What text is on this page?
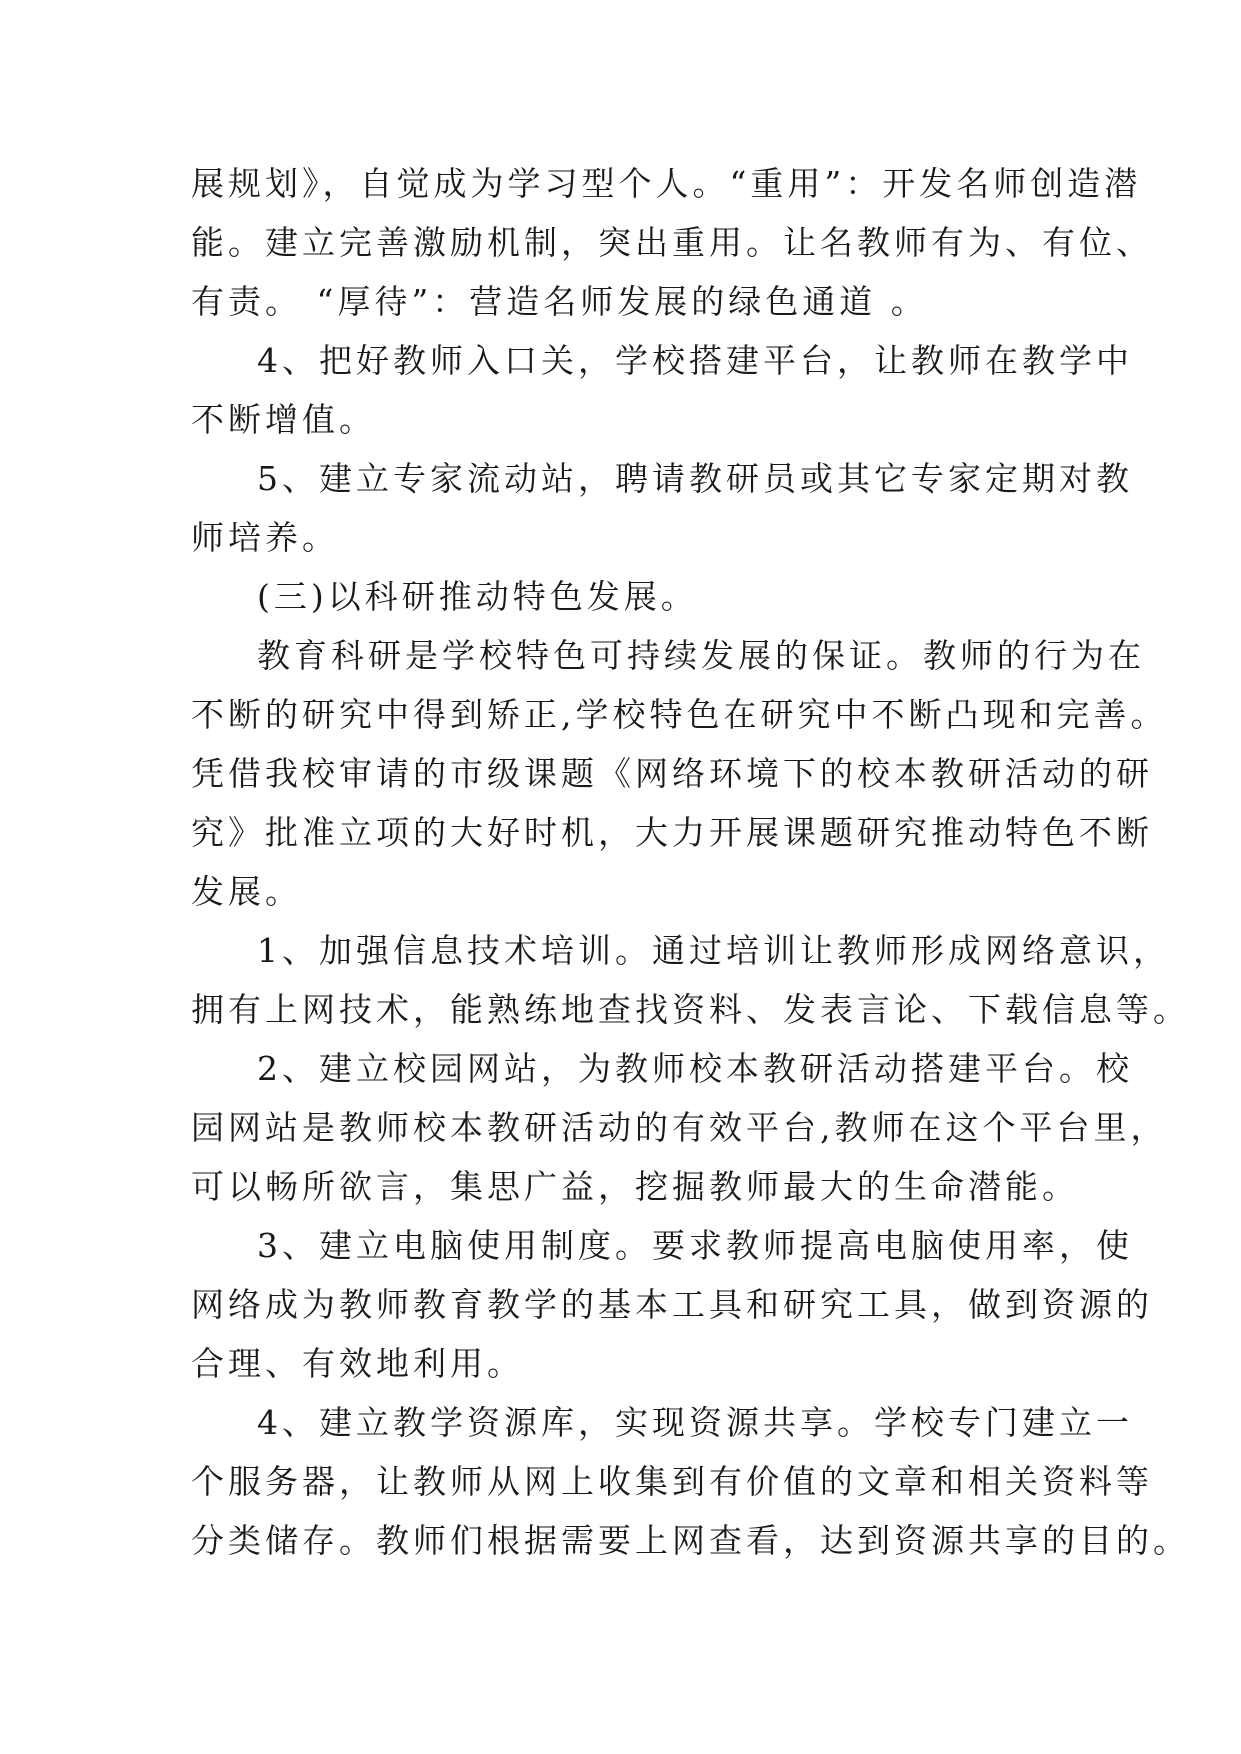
展规划》，自觉成为学习型个人。“重用”：开发名师创造潜
能。建立完善激励机制，突出重用。让名教师有为、有位、
有责。 “厚待”：营造名师发展的绿色通道 。
4、把好教师入口关，学校搭建平台，让教师在教学中
不断增值。
5、建立专家流动站，聘请教研员或其它专家定期对教
师培养。
(三)以科研推动特色发展。
教育科研是学校特色可持续发展的保证。教师的行为在
不断的研究中得到矫正,学校特色在研究中不断凸现和完善。
凭借我校审请的市级课题《网络环境下的校本教研活动的研
究》批准立项的大好时机，大力开展课题研究推动特色不断
发展。
1、加强信息技术培训。通过培训让教师形成网络意识，
拥有上网技术，能熟练地查找资料、发表言论、下载信息等。
2、建立校园网站，为教师校本教研活动搭建平台。校
园网站是教师校本教研活动的有效平台,教师在这个平台里，
可以畅所欲言，集思广益，挖掘教师最大的生命潜能。
3、建立电脑使用制度。要求教师提高电脑使用率，使
网络成为教师教育教学的基本工具和研究工具，做到资源的
合理、有效地利用。
4、建立教学资源库，实现资源共享。学校专门建立一
个服务器，让教师从网上收集到有价值的文章和相关资料等
分类储存。教师们根据需要上网查看，达到资源共享的目的。
